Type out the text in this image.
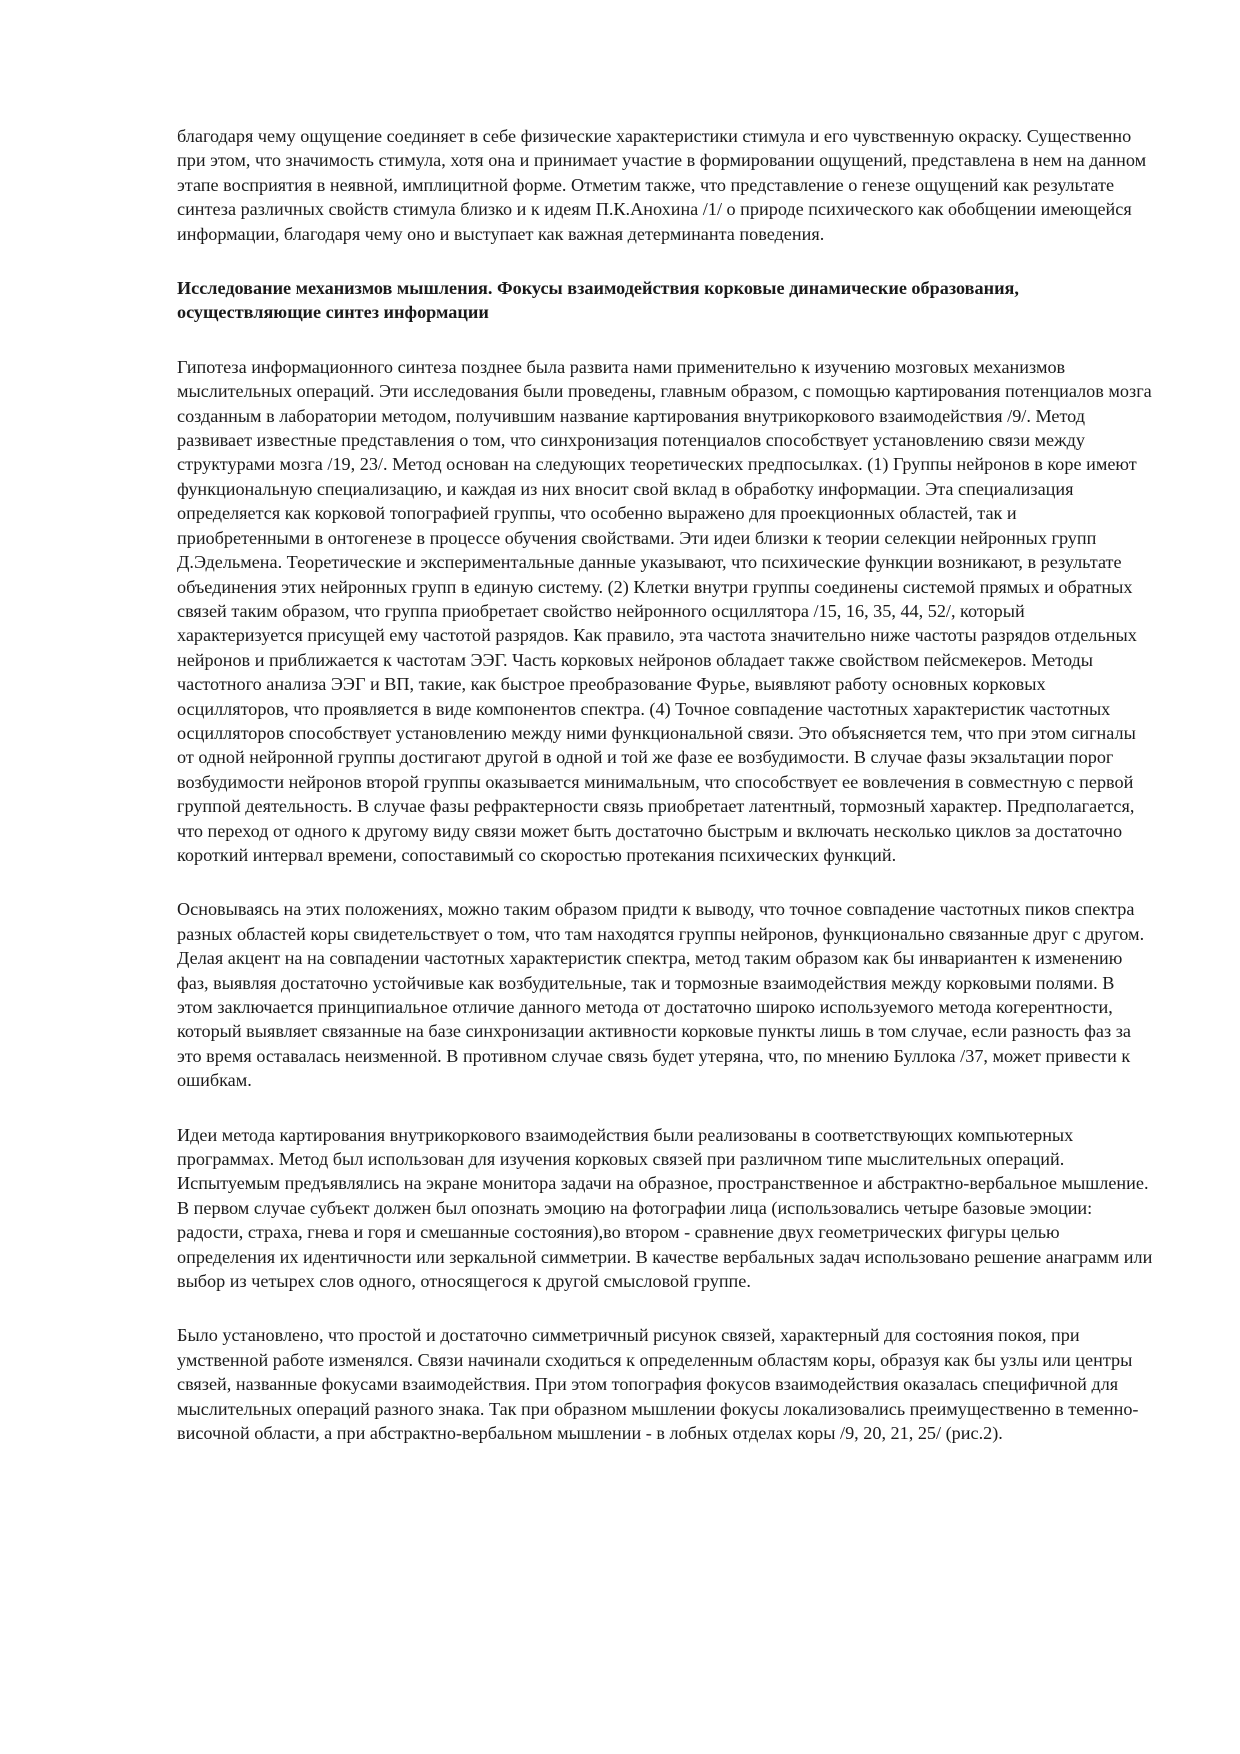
благодаря чему ощущение соединяет в себе физические характеристики стимула и его чувственную окраску. Существенно при этом, что значимость стимула, хотя она и принимает участие в формировании ощущений, представлена в нем на данном этапе восприятия в неявной, имплицитной форме. Отметим также, что представление о генезе ощущений как результате синтеза различных свойств стимула близко и к идеям П.К.Анохина /1/ о природе психического как обобщении имеющейся информации, благодаря чему оно и выступает как важная детерминанта поведения.

Исследование механизмов мышления. Фокусы взаимодействия корковые динамические образования, осуществляющие синтез информации

Гипотеза информационного синтеза позднее была развита нами применительно к изучению мозговых механизмов мыслительных операций. Эти исследования были проведены, главным образом, с помощью картирования потенциалов мозга созданным в лаборатории методом, получившим название картирования внутрикоркового взаимодействия /9/. Метод развивает известные представления о том, что синхронизация потенциалов способствует установлению связи между структурами мозга /19, 23/. Метод основан на следующих теоретических предпосылках. (1) Группы нейронов в коре имеют функциональную специализацию, и каждая из них вносит свой вклад в обработку информации. Эта специализация определяется как корковой топографией группы, что особенно выражено для проекционных областей, так и приобретенными в онтогенезе в процессе обучения свойствами. Эти идеи близки к теории селекции нейронных групп Д.Эдельмена. Теоретические и экспериментальные данные указывают, что психические функции возникают, в результате объединения этих нейронных групп в единую систему. (2) Клетки внутри группы соединены системой прямых и обратных связей таким образом, что группа приобретает свойство нейронного осциллятора /15, 16, 35, 44, 52/, который характеризуется присущей ему частотой разрядов. Как правило, эта частота значительно ниже частоты разрядов отдельных нейронов и приближается к частотам ЭЭГ. Часть корковых нейронов обладает также свойством пейсмекеров. Методы частотного анализа ЭЭГ и ВП, такие, как быстрое преобразование Фурье, выявляют работу основных корковых осцилляторов, что проявляется в виде компонентов спектра. (4) Точное совпадение частотных характеристик частотных осцилляторов способствует установлению между ними функциональной связи. Это объясняется тем, что при этом сигналы от одной нейронной группы достигают другой в одной и той же фазе ее возбудимости. В случае фазы экзальтации порог возбудимости нейронов второй группы оказывается минимальным, что способствует ее вовлечения в совместную с первой группой деятельность. В случае фазы рефрактерности связь приобретает латентный, тормозный характер. Предполагается, что переход от одного к другому виду связи может быть достаточно быстрым и включать несколько циклов за достаточно короткий интервал времени, сопоставимый со скоростью протекания психических функций.

Основываясь на этих положениях, можно таким образом придти к выводу, что точное совпадение частотных пиков спектра разных областей коры свидетельствует о том, что там находятся группы нейронов, функционально связанные друг с другом. Делая акцент на на совпадении частотных характеристик спектра, метод таким образом как бы инвариантен к изменению фаз, выявляя достаточно устойчивые как возбудительные, так и тормозные взаимодействия между корковыми полями. В этом заключается принципиальное отличие данного метода от достаточно широко используемого метода когерентности, который выявляет связанные на базе синхронизации активности корковые пункты лишь в том случае, если разность фаз за это время оставалась неизменной. В противном случае связь будет утеряна, что, по мнению Буллока /37, может привести к ошибкам.

Идеи метода картирования внутрикоркового взаимодействия были реализованы в соответствующих компьютерных программах. Метод был использован для изучения корковых связей при различном типе мыслительных операций. Испытуемым предъявлялись на экране монитора задачи на образное, пространственное и абстрактно-вербальное мышление. В первом случае субъект должен был опознать эмоцию на фотографии лица (использовались четыре базовые эмоции: радости, страха, гнева и горя и смешанные состояния),во втором - сравнение двух геометрических фигуры целью определения их идентичности или зеркальной симметрии. В качестве вербальных задач использовано решение анаграмм или выбор из четырех слов одного, относящегося к другой смысловой группе.

Было установлено, что простой и достаточно симметричный рисунок связей, характерный для состояния покоя, при умственной работе изменялся. Связи начинали сходиться к определенным областям коры, образуя как бы узлы или центры связей, названные фокусами взаимодействия. При этом топография фокусов взаимодействия оказалась специфичной для мыслительных операций разного знака. Так при образном мышлении фокусы локализовались преимущественно в теменно-височной области, а при абстрактно-вербальном мышлении - в лобных отделах коры /9, 20, 21, 25/ (рис.2).
